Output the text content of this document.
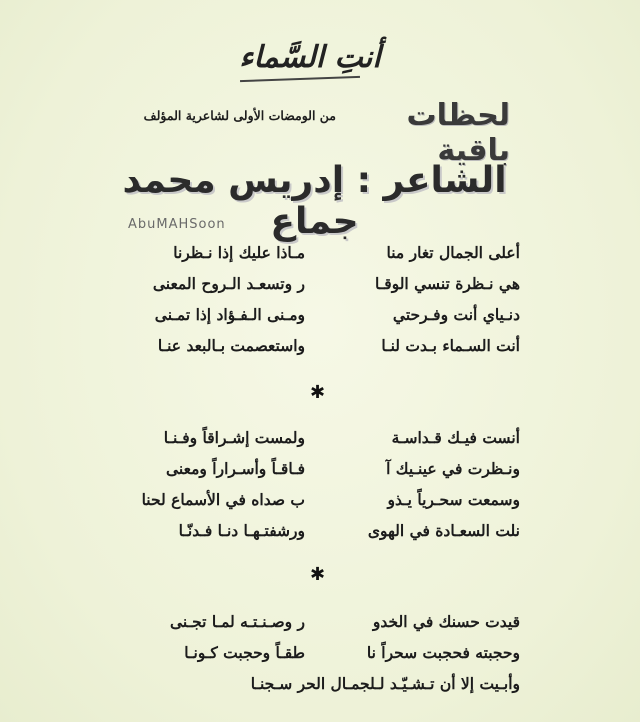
أنتِ السَّماء
لحظات باقية
من الومضات الأولى لشاعرية المؤلف
الشاعر : إدريس محمد جماع
AbuMAHSoon
أعلى الجمال تغار منا
مـاذا عليك إذا نـظرنا
هي نـظرة تنسي الوقـا
ر وتسعـد الـروح المعنى
دنـياي أنت وفـرحتي
ومـنى الـفـؤاد إذا تمـنى
أنت السـماء بـدت لنـا
واستعصمت بـالبعد عنـا
✱
أنست فيـك قـداسـة
ولمست إشـراقاً وفـنـا
ونـظرت في عينـيك آ
فـاقـاً وأسـراراً ومعنى
وسمعت سحـرياً يـذو
ب صداه في الأسماع لحنا
نلت السعـادة في الهوى
ورشفتـهـا دنـا فـدنّـا
✱
قيدت حسنك في الخدو
ر وصـنـتـه لمـا تجـنى
وحجبته فحجبت سحراً نا
طقـاً وحجبت كـونـا
وأبـيت إلا أن تـشـيّـد لـلجمـال الحر سـجنـا
